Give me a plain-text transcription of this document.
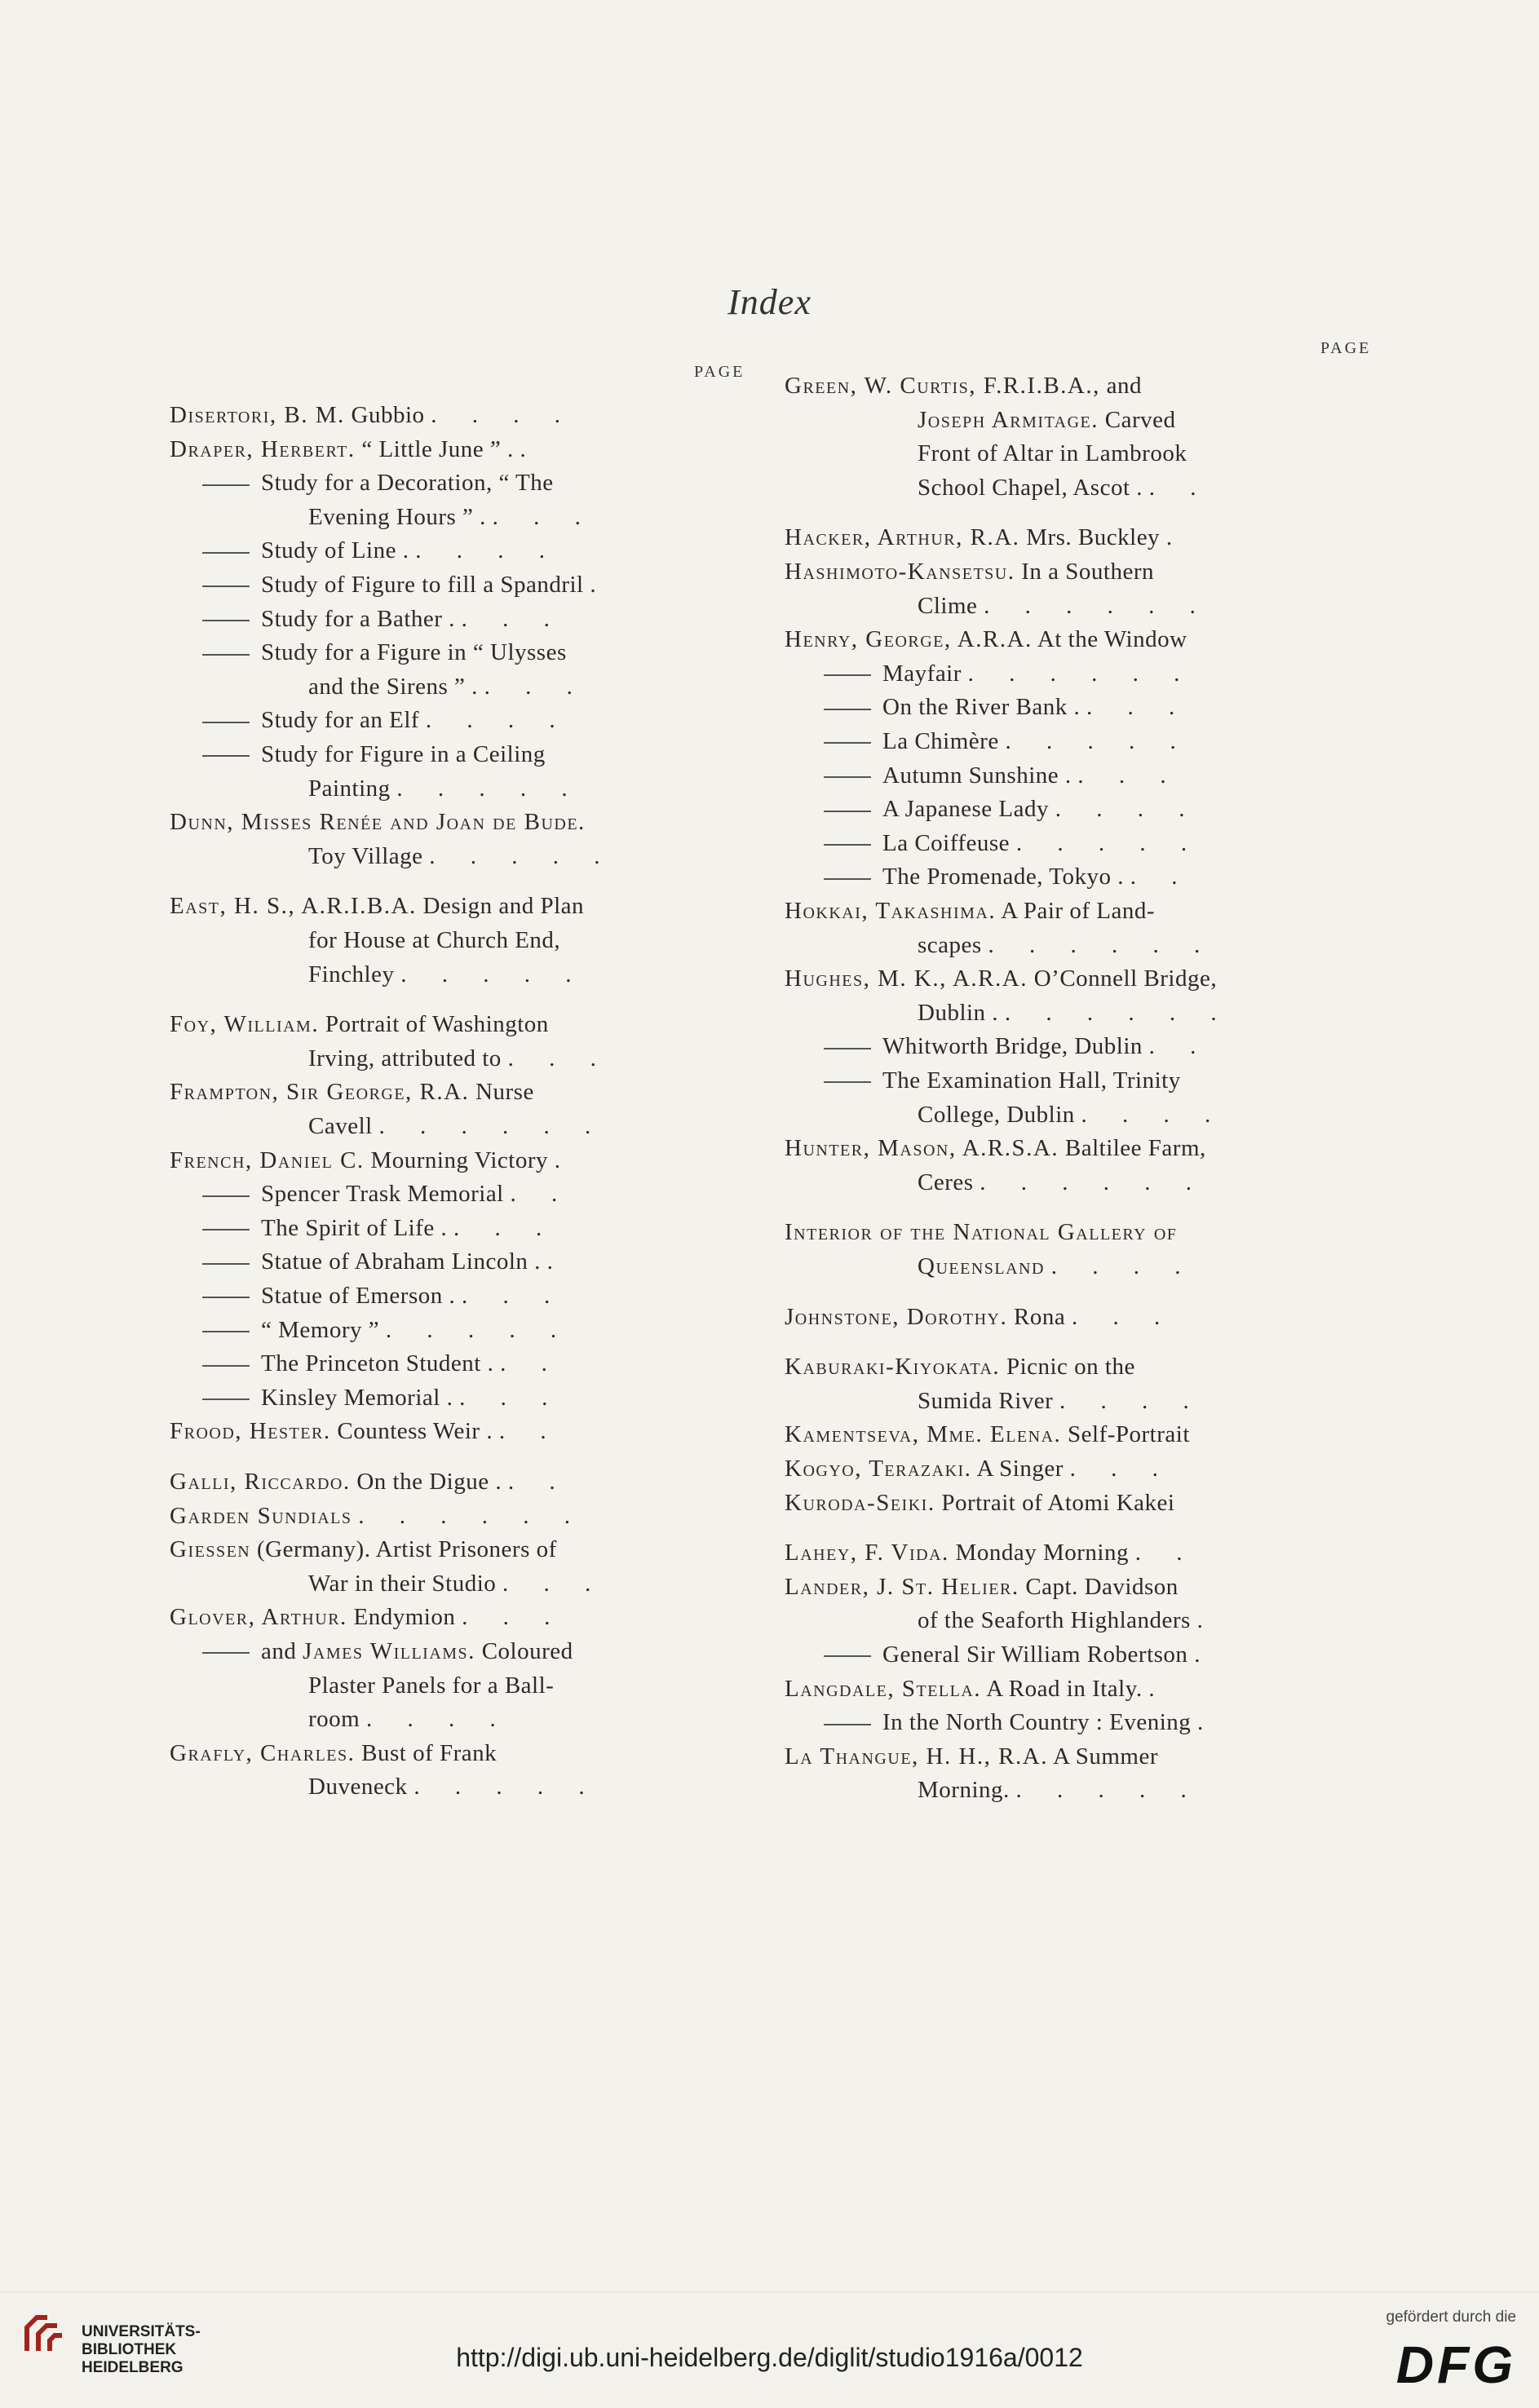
Index
PAGE
PAGE
Disertori, B. M. Gubbio . . . .
Draper, Herbert. “ Little June ” . .
Study for a Decoration, “ The
Evening Hours ” . . . .
Study of Line . . . . .
Study of Figure to fill a Spandril .
Study for a Bather . . . .
Study for a Figure in “ Ulysses
and the Sirens ” . . . .
Study for an Elf . . . .
Study for Figure in a Ceiling
Painting . . . . .
Dunn, Misses Renée and Joan de Bude.
Toy Village . . . . .
East, H. S., A.R.I.B.A. Design and Plan
for House at Church End,
Finchley . . . . .
Foy, William. Portrait of Washington
Irving, attributed to . . .
Frampton, Sir George, R.A. Nurse
Cavell . . . . . .
French, Daniel C. Mourning Victory .
Spencer Trask Memorial . .
The Spirit of Life . . . .
Statue of Abraham Lincoln . .
Statue of Emerson . . . .
“ Memory ” . . . . .
The Princeton Student . . .
Kinsley Memorial . . . .
Frood, Hester. Countess Weir . . .
Galli, Riccardo. On the Digue . . .
Garden Sundials . . . . . .
Giessen (Germany). Artist Prisoners of
War in their Studio . . .
Glover, Arthur. Endymion . . .
and James Williams. Coloured
Plaster Panels for a Ball-
room . . . .
Grafly, Charles. Bust of Frank
Duveneck . . . . .
Green, W. Curtis, F.R.I.B.A., and
Joseph Armitage. Carved
Front of Altar in Lambrook
School Chapel, Ascot . . .
Hacker, Arthur, R.A. Mrs. Buckley .
Hashimoto-Kansetsu. In a Southern
Clime . . . . . .
Henry, George, A.R.A. At the Window
Mayfair . . . . . .
On the River Bank . . . .
La Chimère . . . . .
Autumn Sunshine . . . .
A Japanese Lady . . . .
La Coiffeuse . . . . .
The Promenade, Tokyo . . .
Hokkai, Takashima. A Pair of Land-
scapes . . . . . .
Hughes, M. K., A.R.A. O’Connell Bridge,
Dublin . . . . . . .
Whitworth Bridge, Dublin . .
The Examination Hall, Trinity
College, Dublin . . . .
Hunter, Mason, A.R.S.A. Baltilee Farm,
Ceres . . . . . .
Interior of the National Gallery of
Queensland . . . .
Johnstone, Dorothy. Rona . . .
Kaburaki-Kiyokata. Picnic on the
Sumida River . . . .
Kamentseva, Mme. Elena. Self-Portrait
Kogyo, Terazaki. A Singer . . .
Kuroda-Seiki. Portrait of Atomi Kakei
Lahey, F. Vida. Monday Morning . .
Lander, J. St. Helier. Capt. Davidson
of the Seaforth Highlanders .
General Sir William Robertson .
Langdale, Stella. A Road in Italy. .
In the North Country : Evening .
La Thangue, H. H., R.A. A Summer
Morning. . . . . .
UNIVERSITÄTS-
BIBLIOTHEK
HEIDELBERG	http://digi.ub.uni-heidelberg.de/diglit/studio1916a/0012
gefördert durch die
DFG
